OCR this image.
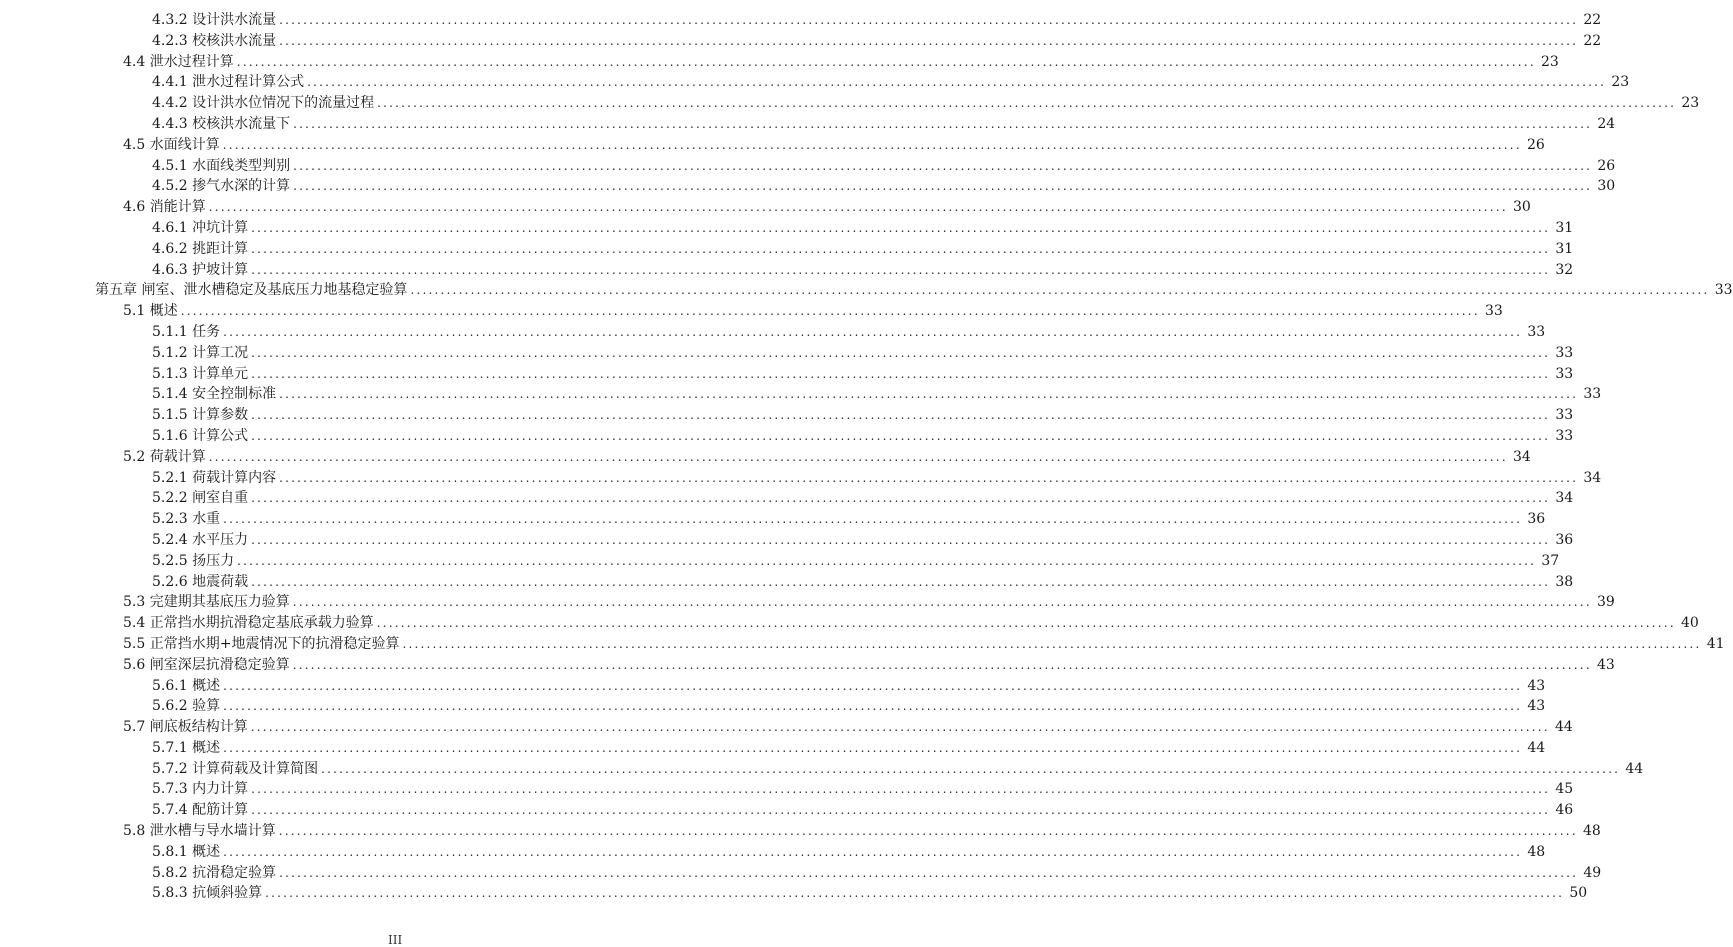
4.3.2 设计洪水流量 .....	22
4.2.3 校核洪水流量 .....	22
4.4 泄水过程计算 .....	23
4.4.1 泄水过程计算公式 .....	23
4.4.2 设计洪水位情况下的流量过程 .....	23
4.4.3 校核洪水流量下 .....	24
4.5 水面线计算 .....	26
4.5.1 水面线类型判别 .....	26
4.5.2 掺气水深的计算 .....	30
4.6 消能计算 .....	30
4.6.1 冲坑计算 .....	31
4.6.2 挑距计算 .....	31
4.6.3 护坡计算 .....	32
第五章 闸室、泄水槽稳定及基底压力地基稳定验算 .....	33
5.1 概述 .....	33
5.1.1 任务 .....	33
5.1.2 计算工况 .....	33
5.1.3 计算单元 .....	33
5.1.4 安全控制标准 .....	33
5.1.5 计算参数 .....	33
5.1.6 计算公式 .....	33
5.2 荷载计算 .....	34
5.2.1 荷载计算内容 .....	34
5.2.2 闸室自重 .....	34
5.2.3 水重 .....	36
5.2.4 水平压力 .....	36
5.2.5 扬压力 .....	37
5.2.6 地震荷载 .....	38
5.3 完建期其基底压力验算 .....	39
5.4 正常挡水期抗滑稳定基底承载力验算 .....	40
5.5 正常挡水期+地震情况下的抗滑稳定验算 .....	41
5.6 闸室深层抗滑稳定验算 .....	43
5.6.1 概述 .....	43
5.6.2 验算 .....	43
5.7 闸底板结构计算 .....	44
5.7.1 概述 .....	44
5.7.2 计算荷载及计算简图 .....	44
5.7.3 内力计算 .....	45
5.7.4 配筋计算 .....	46
5.8 泄水槽与导水墙计算 .....	48
5.8.1 概述 .....	48
5.8.2 抗滑稳定验算 .....	49
5.8.3 抗倾斜验算 .....	50
III
